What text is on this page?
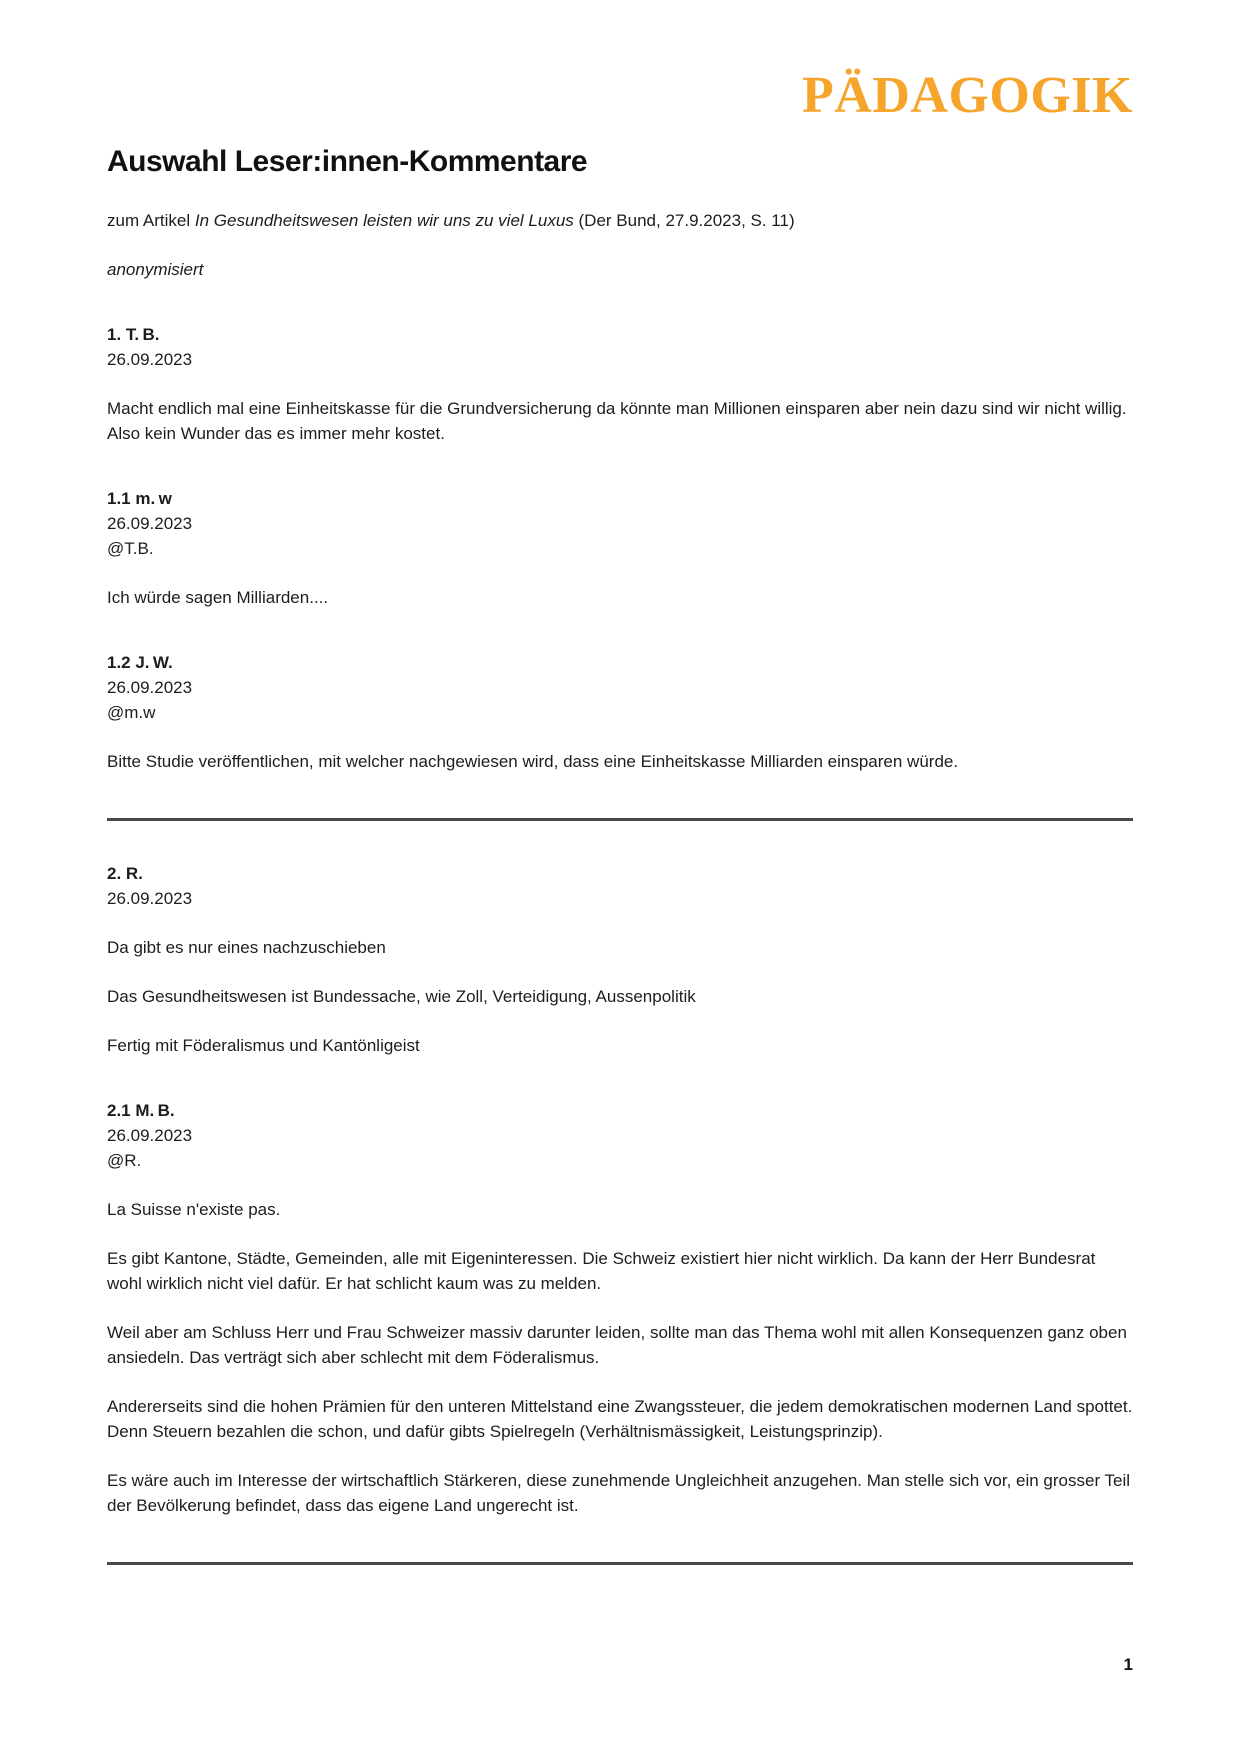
PÄDAGOGIK
Auswahl Leser:innen-Kommentare

zum Artikel In Gesundheitswesen leisten wir uns zu viel Luxus (Der Bund, 27.9.2023, S. 11)

anonymisiert

1. T. B.
26.09.2023

Macht endlich mal eine Einheitskasse für die Grundversicherung da könnte man Millionen einsparen aber nein dazu sind wir nicht willig. Also kein Wunder das es immer mehr kostet.

1.1 m. w
26.09.2023
@T.B.

Ich würde sagen Milliarden....

1.2 J. W.
26.09.2023
@m.w

Bitte Studie veröffentlichen, mit welcher nachgewiesen wird, dass eine Einheitskasse Milliarden einsparen würde.

2. R.
26.09.2023

Da gibt es nur eines nachzuschieben

Das Gesundheitswesen ist Bundessache, wie Zoll, Verteidigung, Aussenpolitik

Fertig mit Föderalismus und Kantönligeist

2.1 M. B.
26.09.2023
@R.

La Suisse n'existe pas.

Es gibt Kantone, Städte, Gemeinden, alle mit Eigeninteressen. Die Schweiz existiert hier nicht wirklich. Da kann der Herr Bundesrat wohl wirklich nicht viel dafür. Er hat schlicht kaum was zu melden.

Weil aber am Schluss Herr und Frau Schweizer massiv darunter leiden, sollte man das Thema wohl mit allen Konsequenzen ganz oben ansiedeln. Das verträgt sich aber schlecht mit dem Föderalismus.

Andererseits sind die hohen Prämien für den unteren Mittelstand eine Zwangssteuer, die jedem demokratischen modernen Land spottet. Denn Steuern bezahlen die schon, und dafür gibts Spielregeln (Verhältnismässigkeit, Leistungsprinzip).

Es wäre auch im Interesse der wirtschaftlich Stärkeren, diese zunehmende Ungleichheit anzugehen. Man stelle sich vor, ein grosser Teil der Bevölkerung befindet, dass das eigene Land ungerecht ist.

1
